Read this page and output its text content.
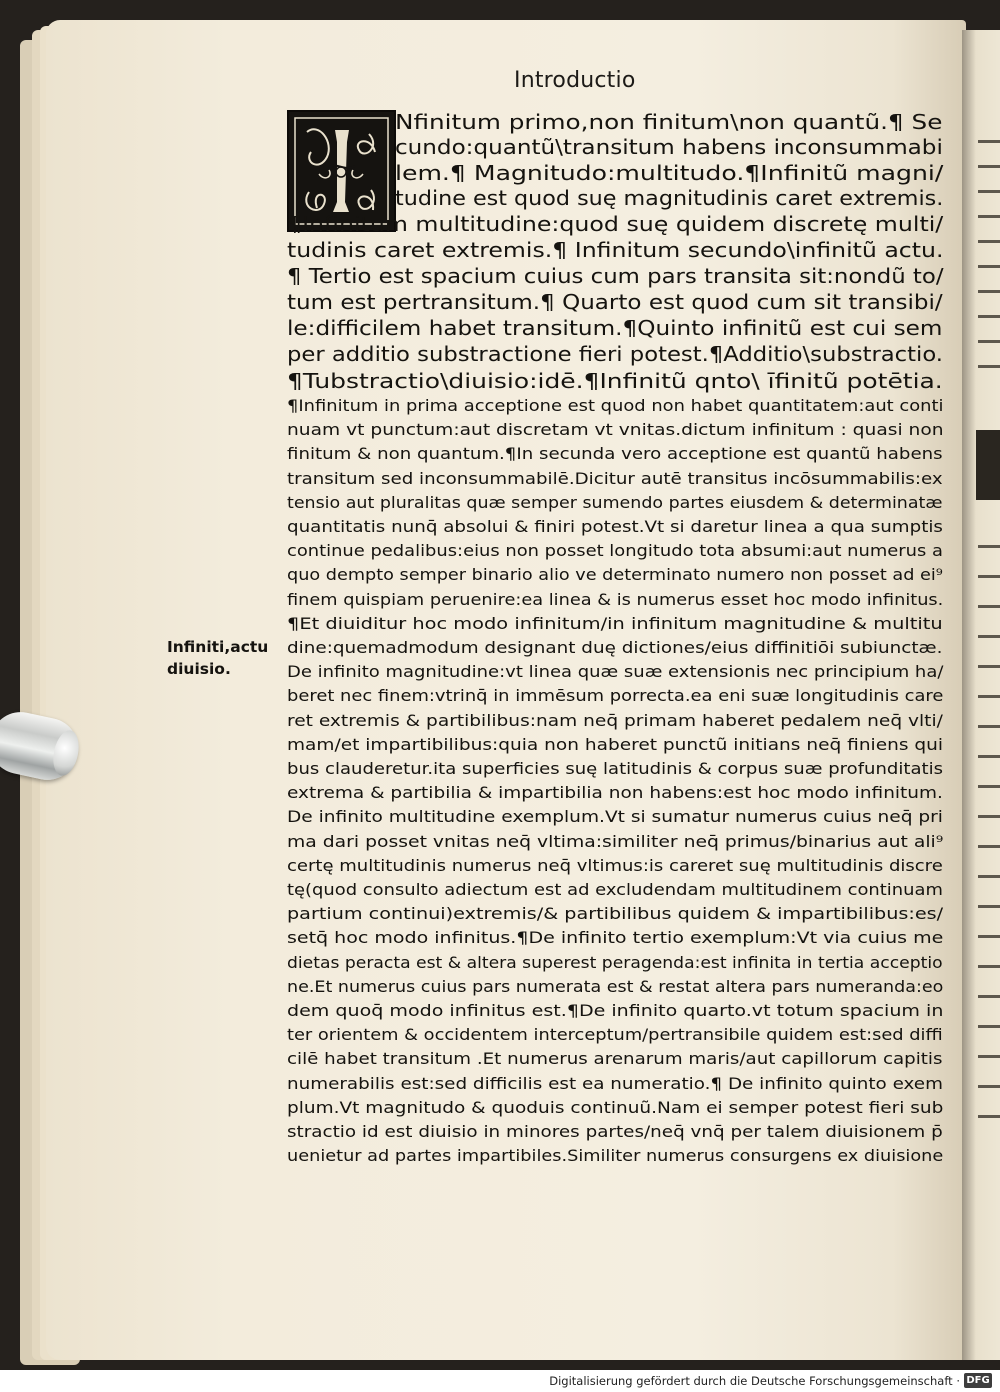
Introductio
Infiniti,actu
diuisio.
Nfinitum primo,non finitum\non quantũ.¶ Se
cundo:quantũ\transitum habens inconsummabi
lem.¶ Magnitudo:multitudo.¶Infinitũ magni/
tudine est quod suę magnitudinis caret extremis.
¶Infinitum multitudine:quod suę quidem discretę multi/
tudinis caret extremis.¶ Infinitum secundo\infinitũ actu.
¶ Tertio est spacium cuius cum pars transita sit:nondũ to/
tum est pertransitum.¶ Quarto est quod cum sit transibi/
le:difficilem habet transitum.¶Quinto infinitũ est cui sem
per additio substractione fieri potest.¶Additio\substractio.
¶Tubstractio\diuisio:idē.¶Infinitũ qnto\ īfinitũ potētia.
¶Infinitum in prima acceptione est quod non habet quantitatem:aut conti
nuam vt punctum:aut discretam vt vnitas.dictum infinitum : quasi non
finitum & non quantum.¶In secunda vero acceptione est quantũ habens
transitum sed inconsummabilē.Dicitur autē transitus incōsummabilis:ex
tensio aut pluralitas quæ semper sumendo partes eiusdem & determinatæ
quantitatis nunq̄ absolui & finiri potest.Vt si daretur linea a qua sumptis
continue pedalibus:eius non posset longitudo tota absumi:aut numerus a
quo dempto semper binario alio ve determinato numero non posset ad ei⁹
finem quispiam peruenire:ea linea & is numerus esset hoc modo infinitus.
¶Et diuiditur hoc modo infinitum/in infinitum magnitudine & multitu
dine:quemadmodum designant duę dictiones/eius diffinitiōi subiunctæ.
De infinito magnitudine:vt linea quæ suæ extensionis nec principium ha/
beret nec finem:vtrinq̄ in immēsum porrecta.ea eni suæ longitudinis care
ret extremis & partibilibus:nam neq̄ primam haberet pedalem neq̄ vlti/
mam/et impartibilibus:quia non haberet punctũ initians neq̄ finiens qui
bus clauderetur.ita superficies suę latitudinis & corpus suæ profunditatis
extrema & partibilia & impartibilia non habens:est hoc modo infinitum.
De infinito multitudine exemplum.Vt si sumatur numerus cuius neq̄ pri
ma dari posset vnitas neq̄ vltima:similiter neq̄ primus/binarius aut ali⁹
certę multitudinis numerus neq̄ vltimus:is careret suę multitudinis discre
tę(quod consulto adiectum est ad excludendam multitudinem continuam
partium continui)extremis/& partibilibus quidem & impartibilibus:es/
setq̄ hoc modo infinitus.¶De infinito tertio exemplum:Vt via cuius me
dietas peracta est & altera superest peragenda:est infinita in tertia acceptio
ne.Et numerus cuius pars numerata est & restat altera pars numeranda:eo
dem quoq̄ modo infinitus est.¶De infinito quarto.vt totum spacium in
ter orientem & occidentem interceptum/pertransibile quidem est:sed diffi
cilē habet transitum .Et numerus arenarum maris/aut capillorum capitis
numerabilis est:sed difficilis est ea numeratio.¶ De infinito quinto exem
plum.Vt magnitudo & quoduis continuũ.Nam ei semper potest fieri sub
stractio id est diuisio in minores partes/neq̄ vnq̄ per talem diuisionem p̄
uenietur ad partes impartibiles.Similiter numerus consurgens ex diuisione
Digitalisierung gefördert durch die Deutsche Forschungsgemeinschaft · DFG
